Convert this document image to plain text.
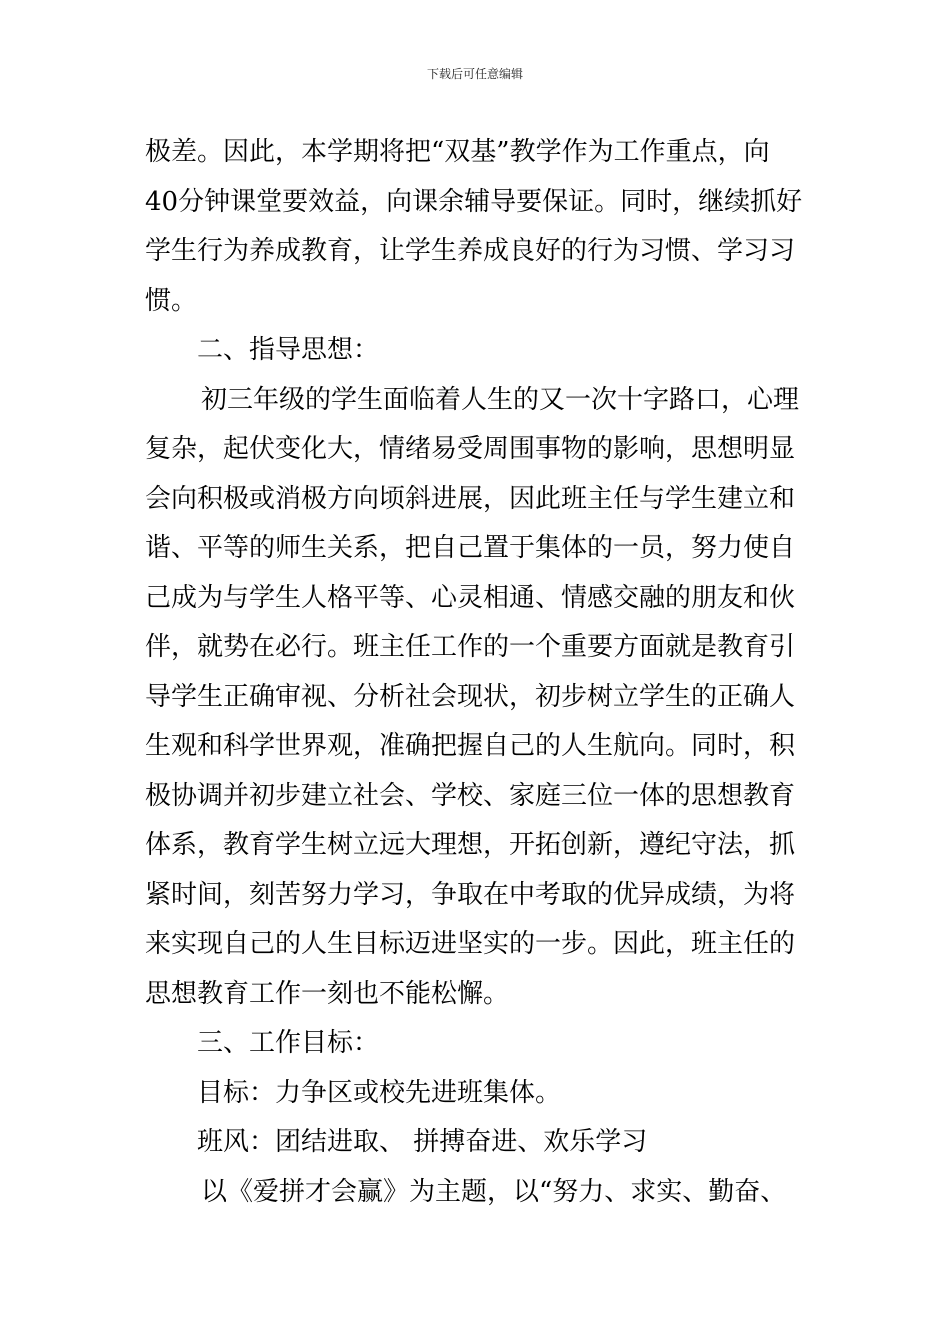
下载后可任意编辑
极差。因此，本学期将把“双基”教学作为工作重点，向
40分钟课堂要效益，向课余辅导要保证。同时，继续抓好
学生行为养成教育，让学生养成良好的行为习惯、学习习
惯。
二、指导思想：
初三年级的学生面临着人生的又一次十字路口，心理
复杂，起伏变化大，情绪易受周围事物的影响，思想明显
会向积极或消极方向顷斜进展，因此班主任与学生建立和
谐、平等的师生关系，把自己置于集体的一员，努力使自
己成为与学生人格平等、心灵相通、情感交融的朋友和伙
伴，就势在必行。班主任工作的一个重要方面就是教育引
导学生正确审视、分析社会现状，初步树立学生的正确人
生观和科学世界观，准确把握自己的人生航向。同时，积
极协调并初步建立社会、学校、家庭三位一体的思想教育
体系，教育学生树立远大理想，开拓创新，遵纪守法，抓
紧时间，刻苦努力学习，争取在中考取的优异成绩，为将
来实现自己的人生目标迈进坚实的一步。因此，班主任的
思想教育工作一刻也不能松懈。
三、工作目标：
目标：力争区或校先进班集体。
班风：团结进取、 拼搏奋进、欢乐学习
以《爱拼才会赢》为主题，以“努力、求实、勤奋、
